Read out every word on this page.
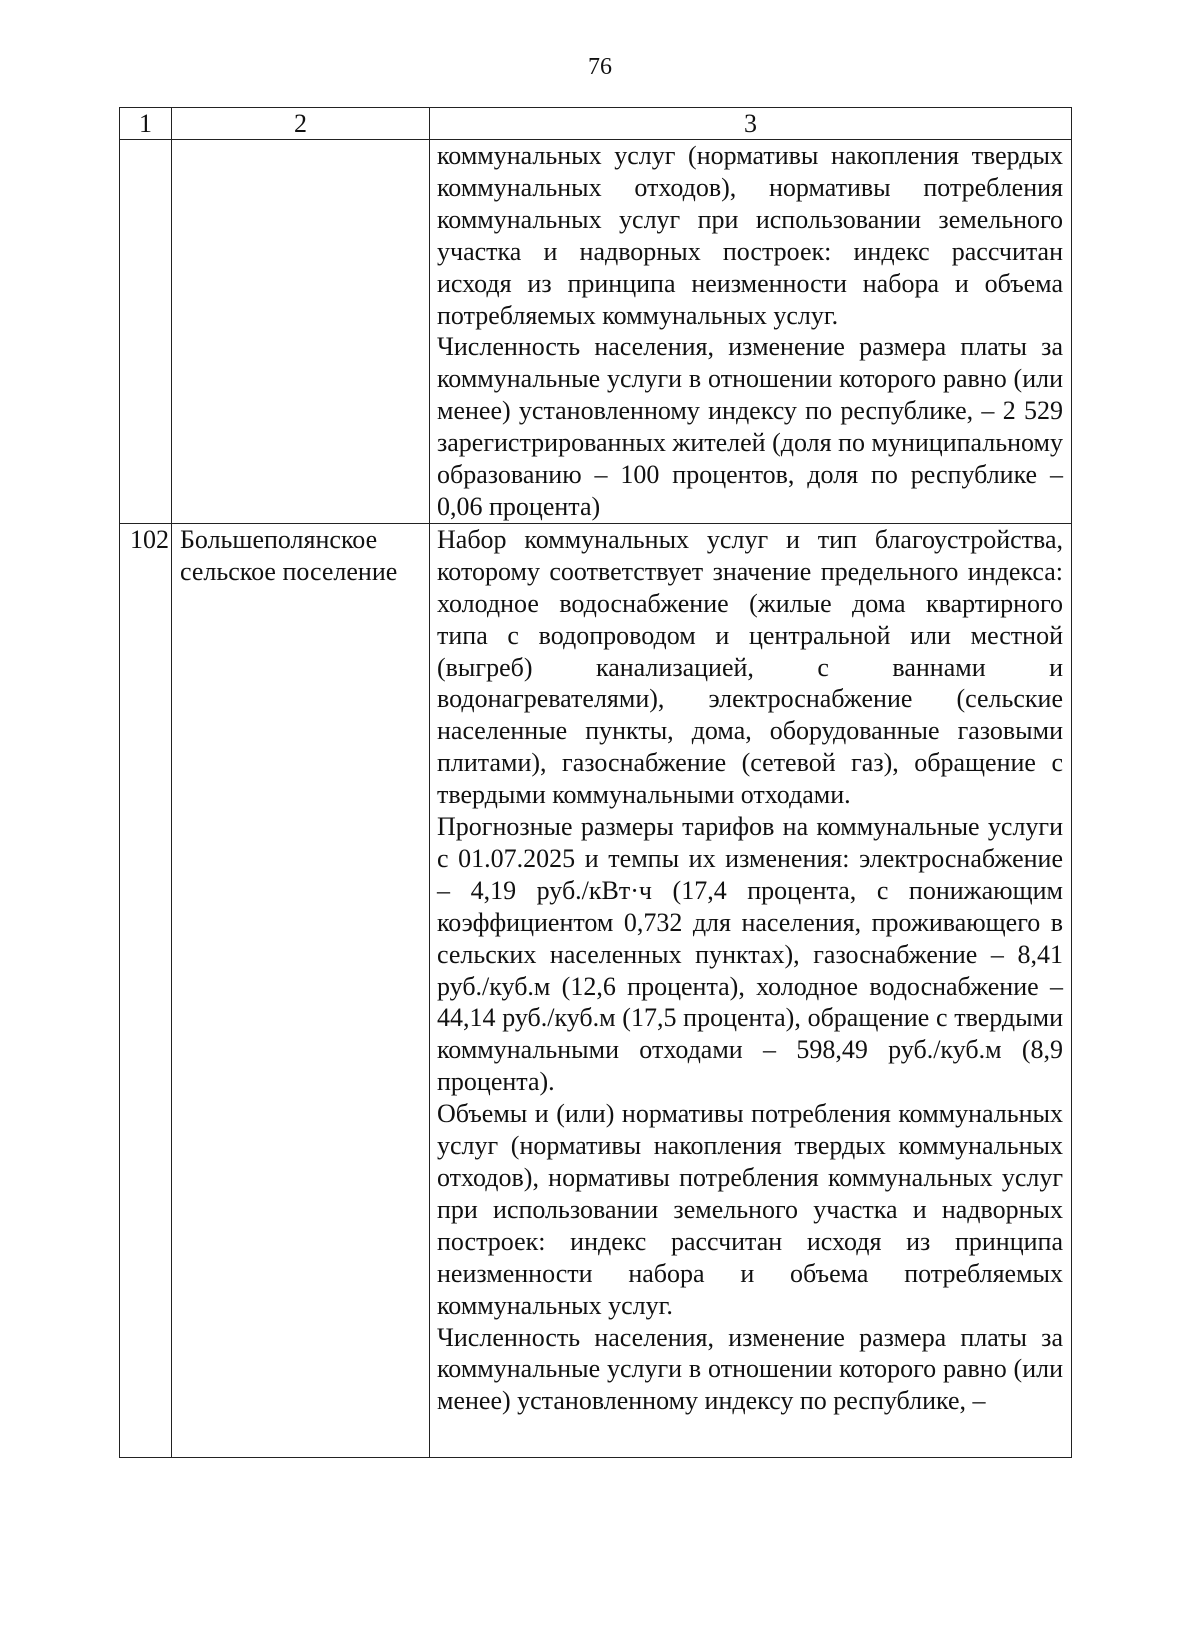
76
1	2	3

		коммунальных услуг (нормативы накопления твердых коммунальных отходов), нормативы потребления коммунальных услуг при использовании земельного участка и надворных построек: индекс рассчитан исходя из принципа неизменности набора и объема потребляемых коммунальных услуг.

Численность населения, изменение размера платы за коммунальные услуги в отношении которого равно (или менее) установленному индексу по республике, – 2 529 зарегистрированных жителей (доля по муниципальному образованию – 100 процентов, доля по республике – 0,06 процента)

102	Большеполянское сельское поселение	Набор коммунальных услуг и тип благоустройства, которому соответствует значение предельного индекса: холодное водоснабжение (жилые дома квартирного типа с водопроводом и центральной или местной (выгреб) канализацией, с ваннами и водонагревателями), электроснабжение (сельские населенные пункты, дома, оборудованные газовыми плитами), газоснабжение (сетевой газ), обращение с твердыми коммунальными отходами.

Прогнозные размеры тарифов на коммунальные услуги с 01.07.2025 и темпы их изменения: электроснабжение – 4,19 руб./кВт·ч (17,4 процента, с понижающим коэффициентом 0,732 для населения, проживающего в сельских населенных пунктах), газоснабжение – 8,41 руб./куб.м (12,6 процента), холодное водоснабжение – 44,14 руб./куб.м (17,5 процента), обращение с твердыми коммунальными отходами – 598,49 руб./куб.м (8,9 процента).

Объемы и (или) нормативы потребления коммунальных услуг (нормативы накопления твердых коммунальных отходов), нормативы потребления коммунальных услуг при использовании земельного участка и надворных построек: индекс рассчитан исходя из принципа неизменности набора и объема потребляемых коммунальных услуг.

Численность населения, изменение размера платы за коммунальные услуги в отношении которого равно (или менее) установленному индексу по республике, –
